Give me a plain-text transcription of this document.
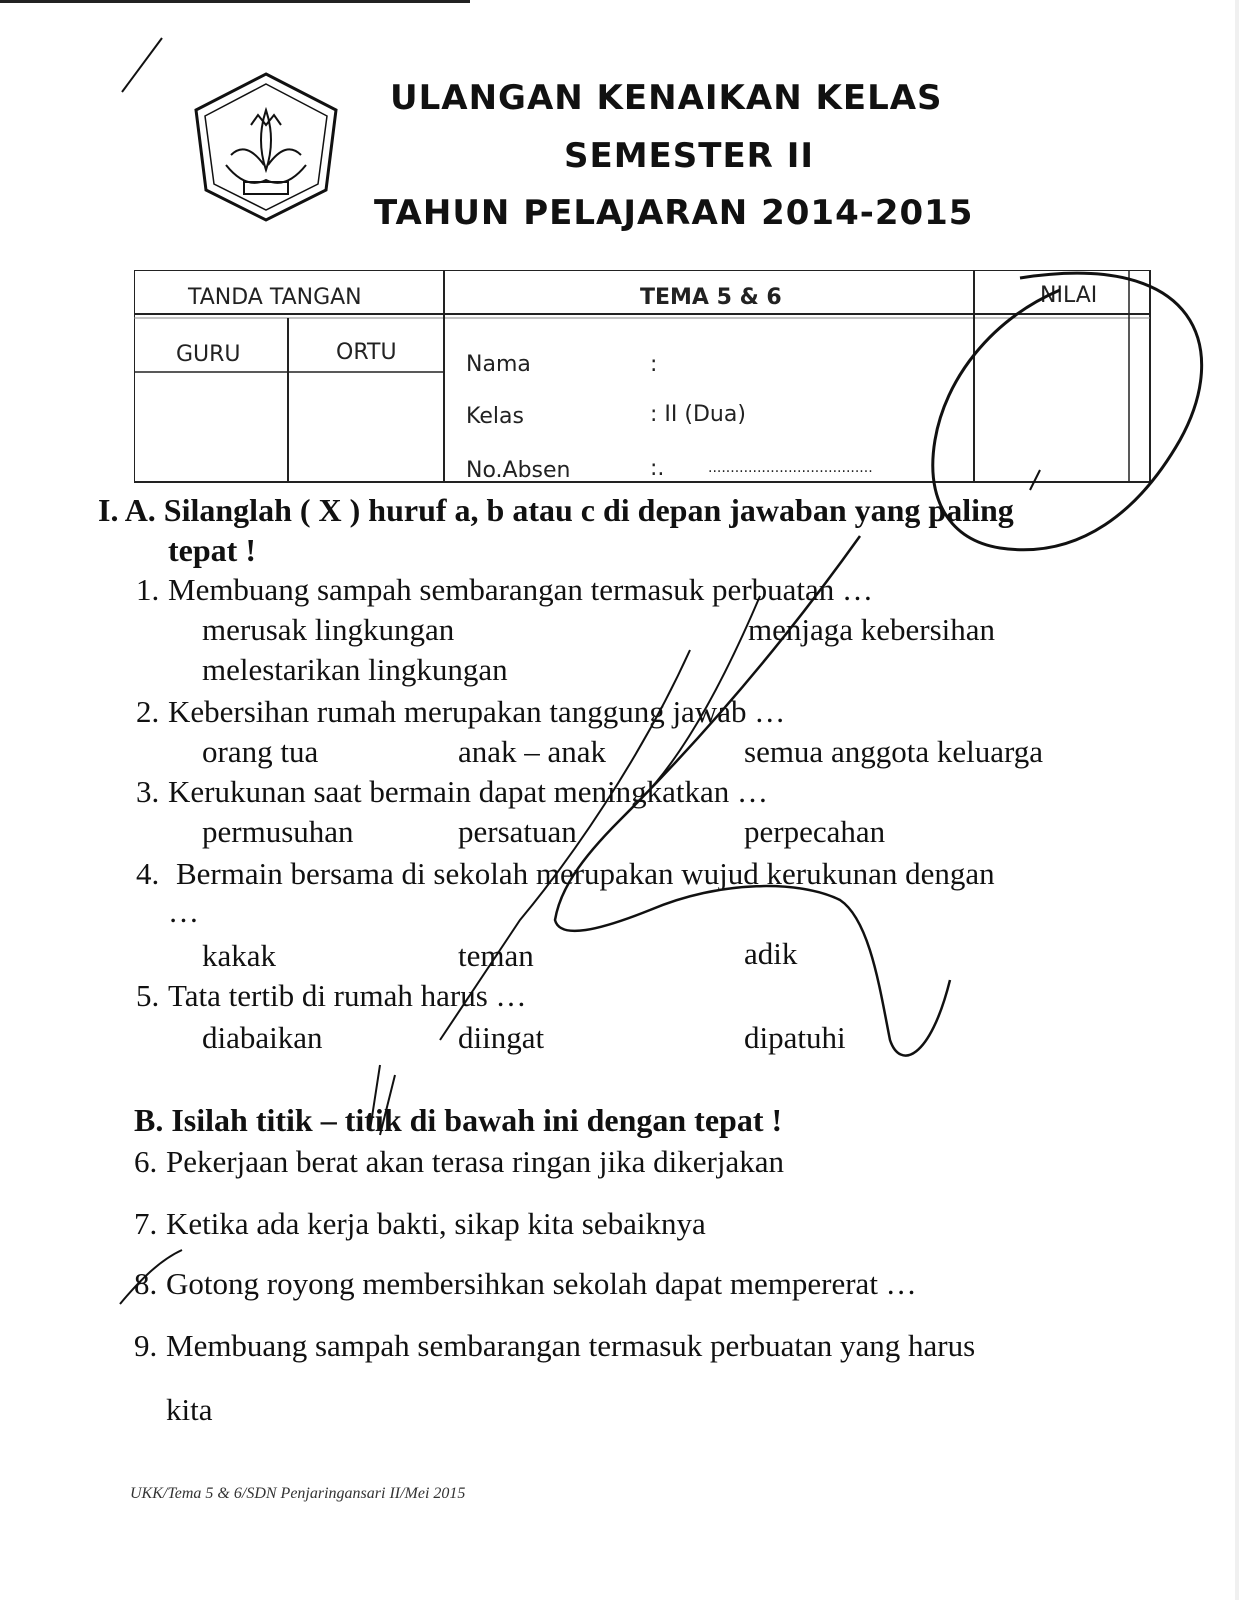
ULANGAN KENAIKAN KELAS
SEMESTER II
TAHUN PELAJARAN 2014-2015
TANDA TANGAN	TEMA 5 & 6	NILAI
GURU	ORTU	Nama	:
Kelas	: II (Dua)
No.Absen	:.	.....................................
I. A. Silanglah ( X ) huruf a, b atau c di depan jawaban yang paling
tepat !
1. Membuang sampah sembarangan termasuk perbuatan …
merusak lingkungan	menjaga kebersihan
melestarikan lingkungan
2. Kebersihan rumah merupakan tanggung jawab …
orang tua	anak – anak	semua anggota keluarga
3. Kerukunan saat bermain dapat meningkatkan …
permusuhan	persatuan	perpecahan
4. Bermain bersama di sekolah merupakan wujud kerukunan dengan
…
kakak	teman	adik
5. Tata tertib di rumah harus …
diabaikan	diingat	dipatuhi
B. Isilah titik – titik di bawah ini dengan tepat !
6. Pekerjaan berat akan terasa ringan jika dikerjakan
7. Ketika ada kerja bakti, sikap kita sebaiknya
8. Gotong royong membersihkan sekolah dapat mempererat …
9. Membuang sampah sembarangan termasuk perbuatan yang harus
kita
UKK/Tema 5 & 6/SDN Penjaringansari II/Mei 2015
